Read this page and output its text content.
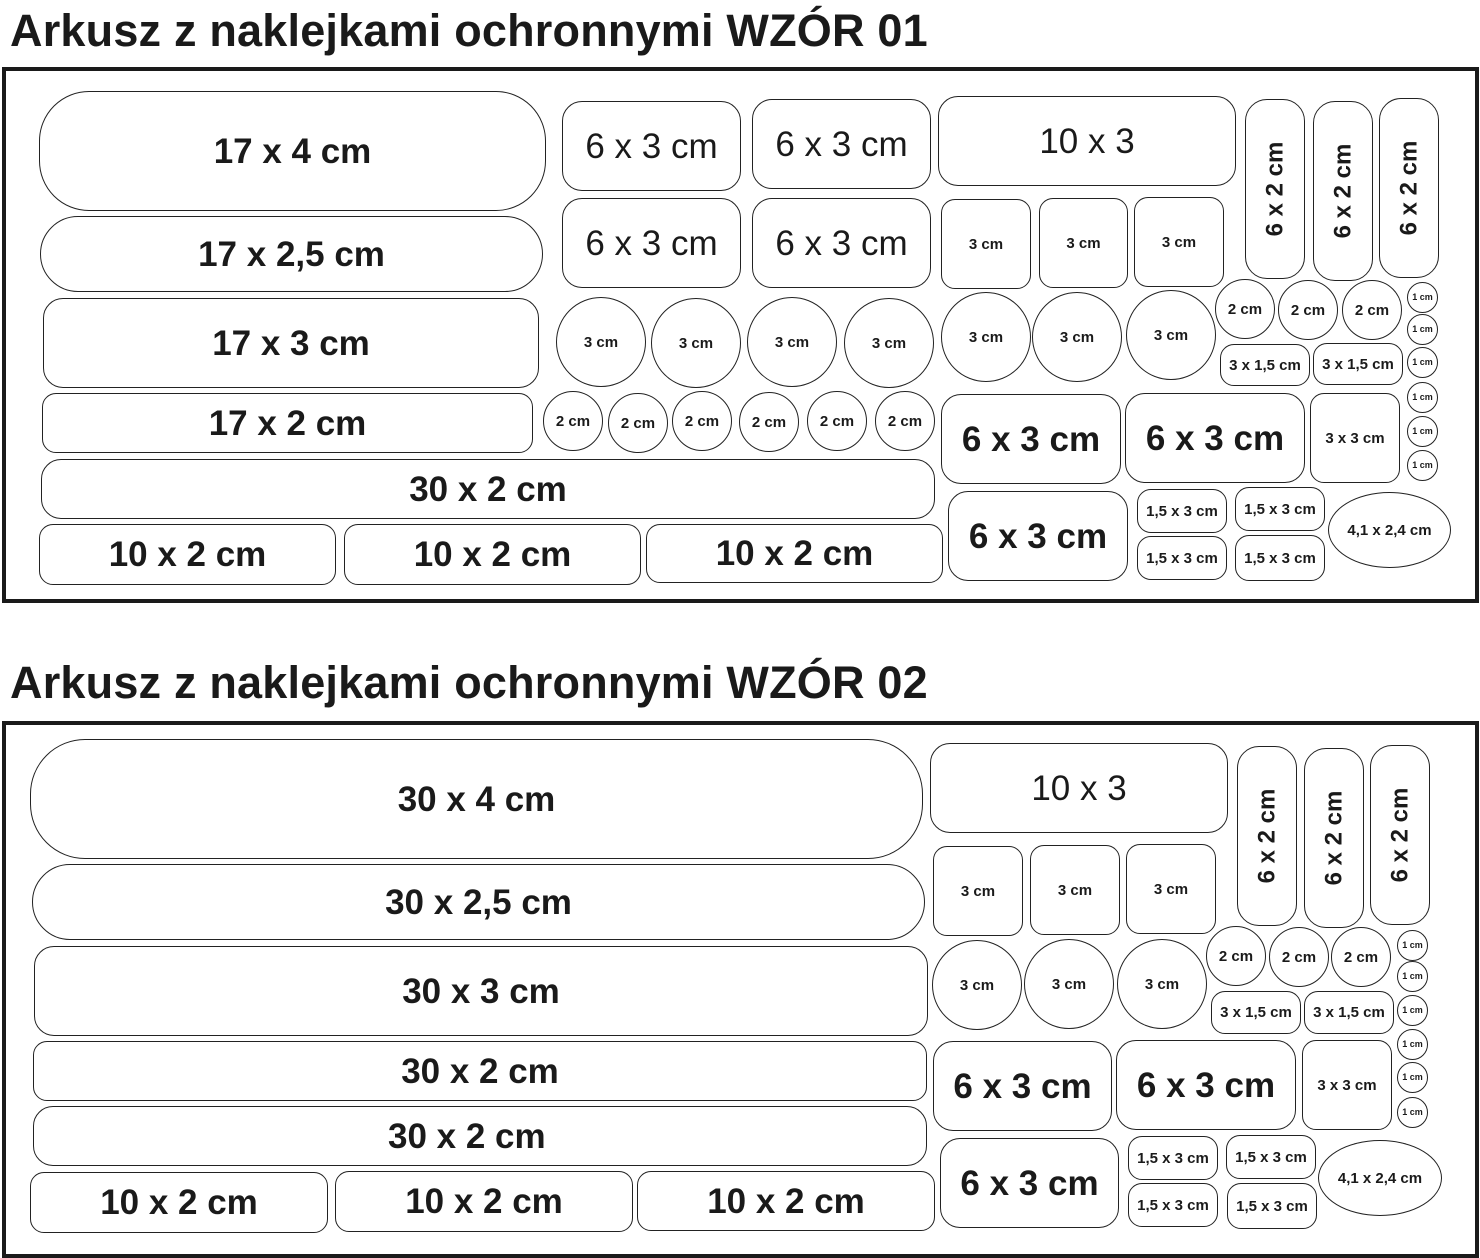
Arkusz z naklejkami ochronnymi WZÓR 01
17 x 4 cm
17 x 2,5 cm
17 x 3 cm
17 x 2 cm
30 x 2 cm
10 x 2 cm	10 x 2 cm	10 x 2 cm
6 x 3 cm	6 x 3 cm
6 x 3 cm	6 x 3 cm
10 x 3
6 x 2 cm 6 x 2 cm 6 x 2 cm
3 cm	3 cm	3 cm
3 cm	3 cm	3 cm	3 cm	3 cm	3 cm	3 cm
2 cm	2 cm	2 cm	2 cm	2 cm	2 cm
2 cm	2 cm	2 cm
1 cm
1 cm
1 cm
1 cm
1 cm
1 cm
3 x 1,5 cm	3 x 1,5 cm
6 x 3 cm	6 x 3 cm
6 x 3 cm
3 x 3 cm
1,5 x 3 cm	1,5 x 3 cm
1,5 x 3 cm	1,5 x 3 cm
4,1 x 2,4 cm
Arkusz z naklejkami ochronnymi WZÓR 02
30 x 4 cm
30 x 2,5 cm
30 x 3 cm
30 x 2 cm
30 x 2 cm
10 x 2 cm	10 x 2 cm	10 x 2 cm
10 x 3
6 x 2 cm 6 x 2 cm 6 x 2 cm
3 cm	3 cm	3 cm
3 cm	3 cm	3 cm
2 cm	2 cm	2 cm
1 cm
1 cm
1 cm
1 cm
1 cm
1 cm
3 x 1,5 cm	3 x 1,5 cm
6 x 3 cm	6 x 3 cm
6 x 3 cm
3 x 3 cm
1,5 x 3 cm	1,5 x 3 cm
1,5 x 3 cm	1,5 x 3 cm
4,1 x 2,4 cm
